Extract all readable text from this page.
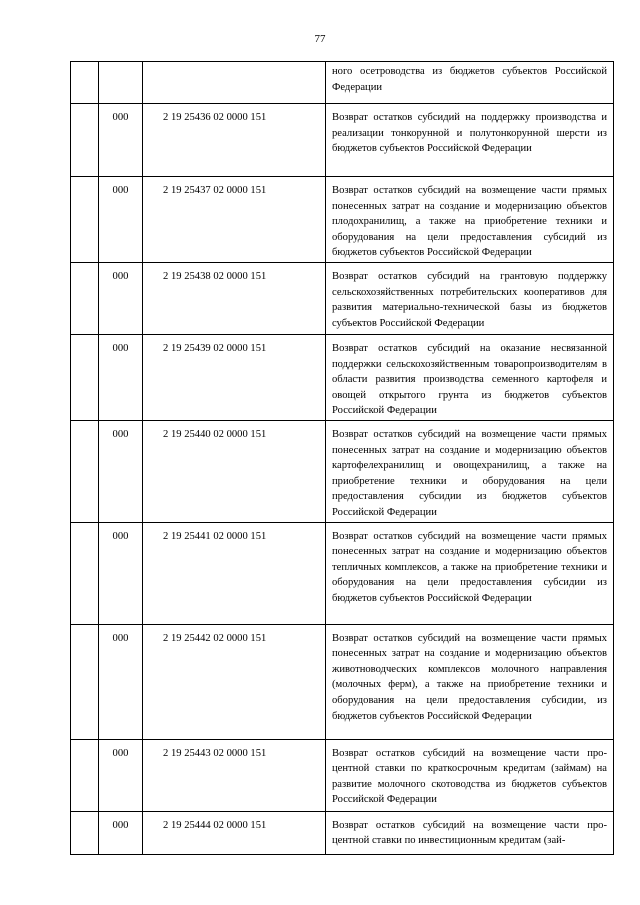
77
			ного осетроводства из бюджетов субъектов Российской Федерации
	000	2 19 25436 02 0000 151	Возврат остатков субсидий на поддержку производства и реализации тонкорунной и полутонкорунной шерсти из бюджетов субъектов Российской Федерации
	000	2 19 25437 02 0000 151	Возврат остатков субсидий на возмещение части прямых понесенных затрат на создание и модернизацию объектов плодохранилищ, а также на приобретение техники и оборудования на цели предоставления субсидий из бюджетов субъектов Российской Федерации
	000	2 19 25438 02 0000 151	Возврат остатков субсидий на грантовую поддержку сельскохозяйственных потребительских кооперативов для развития материально-технической базы из бюджетов субъектов Российской Федерации
	000	2 19 25439 02 0000 151	Возврат остатков субсидий на оказание несвязанной поддержки сельскохозяйственным товаропроизводителям в области развития производства семенного картофеля и овощей открытого грунта из бюджетов субъектов Российской Федерации
	000	2 19 25440 02 0000 151	Возврат остатков субсидий на возмещение части прямых понесенных затрат на создание и модернизацию объектов картофелехранилищ и овощехранилищ, а также на приобретение техники и оборудования на цели предоставления субсидии из бюджетов субъектов Российской Федерации
	000	2 19 25441 02 0000 151	Возврат остатков субсидий на возмещение части прямых понесенных затрат на создание и модернизацию объектов тепличных комплексов, а также на приобретение техники и оборудования на цели предоставления субсидии из бюджетов субъектов Российской Федерации
	000	2 19 25442 02 0000 151	Возврат остатков субсидий на возмещение части прямых понесенных затрат на создание и модернизацию объектов животноводческих комплексов молочного направления (молочных ферм), а также на приобретение техники и оборудования на цели предоставления субсидии, из бюджетов субъектов Российской Федерации
	000	2 19 25443 02 0000 151	Возврат остатков субсидий на возмещение части процентной ставки по краткосрочным кредитам (займам) на развитие молочного скотоводства из бюджетов субъектов Российской Федерации
	000	2 19 25444 02 0000 151	Возврат остатков субсидий на возмещение части процентной ставки по инвестиционным кредитам (зай-
